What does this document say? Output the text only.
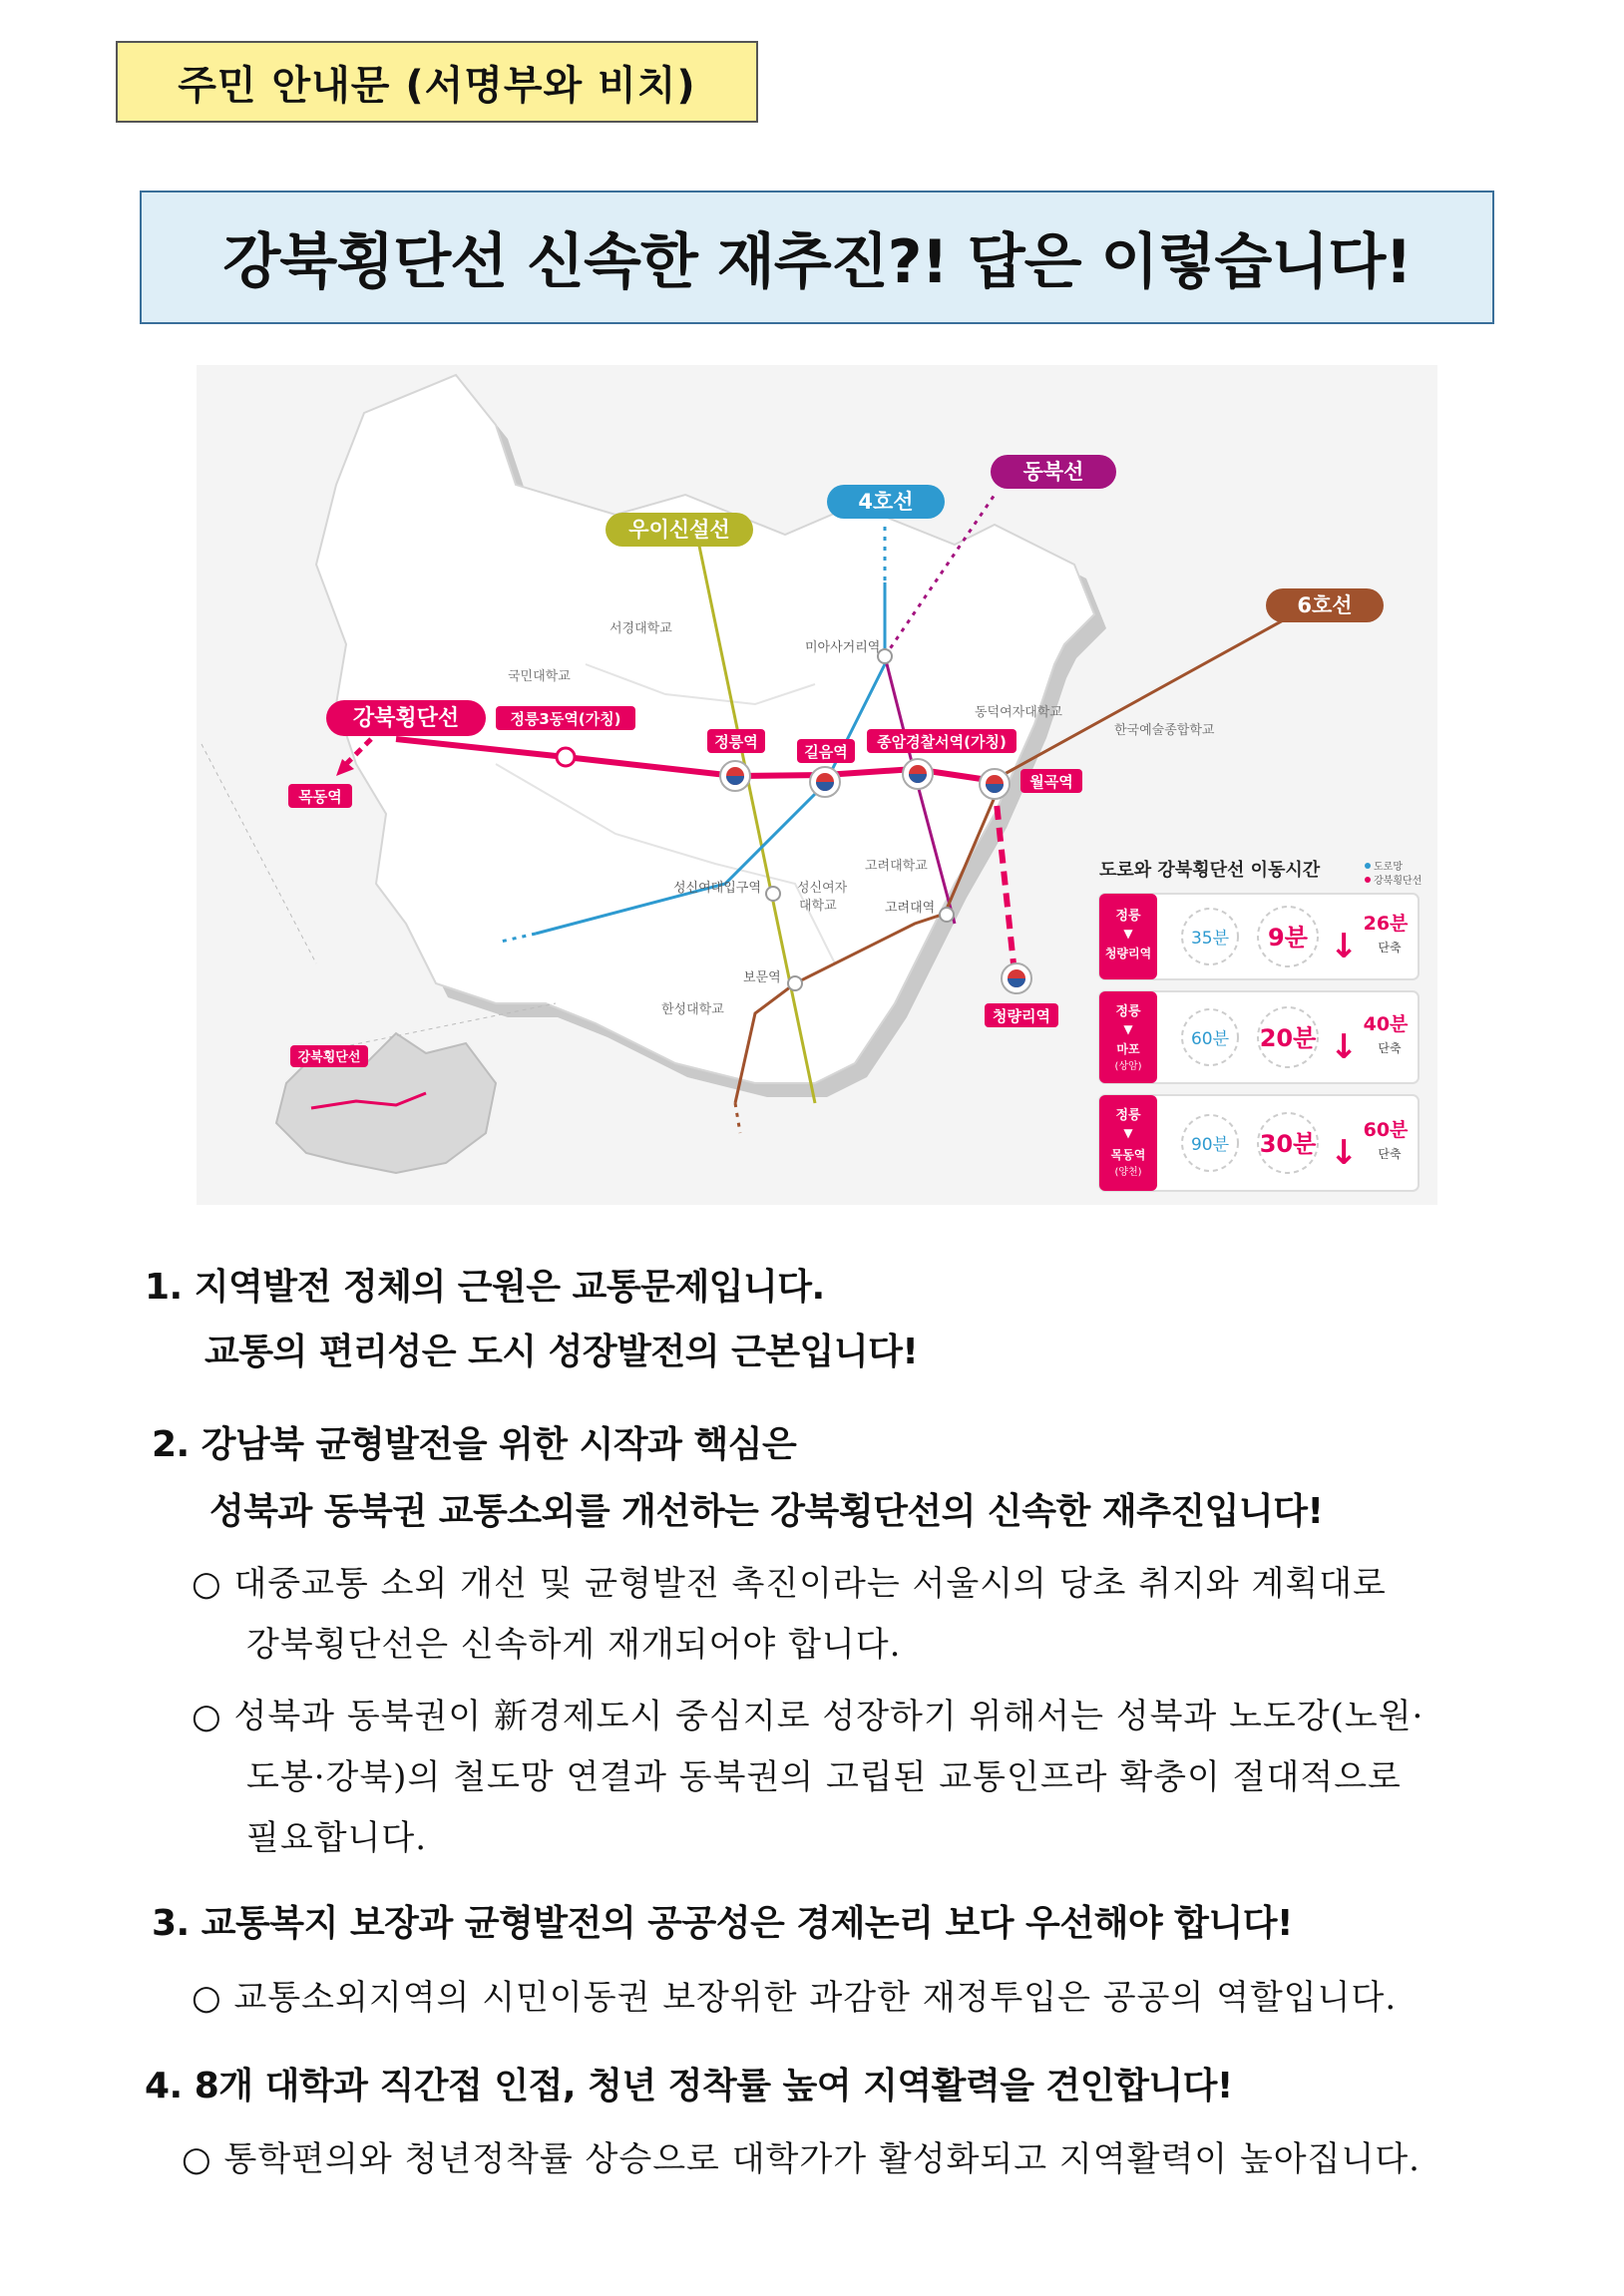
주민 안내문 (서명부와 비치)
강북횡단선 신속한 재추진?! 답은 이렇습니다!
우이신설선
4호선
동북선
6호선
강북횡단선	정릉3동역(가칭)
정릉역
길음역
종암경찰서역(가칭)
월곡역
목동역
청량리역
미아사거리역
성신여대입구역
보문역
고려대역
서경대학교
국민대학교
동덕여자대학교
한국예술종합학교
고려대학교
성신여자
대학교
한성대학교
강북횡단선
도로와 강북횡단선 이동시간	도로망
강북횡단선
정릉
▼
청량리역
35분 9분 ↓
26분
단축
정릉
▼
마포
(상암)
60분 20분 ↓
40분
단축
정릉
▼
목동역
(양천)
90분 30분 ↓
60분
단축
1. 지역발전 정체의 근원은 교통문제입니다.
교통의 편리성은 도시 성장발전의 근본입니다!
2. 강남북 균형발전을 위한 시작과 핵심은
성북과 동북권 교통소외를 개선하는 강북횡단선의 신속한 재추진입니다!
○ 대중교통 소외 개선 및 균형발전 촉진이라는 서울시의 당초 취지와 계획대로
강북횡단선은 신속하게 재개되어야 합니다.
○ 성북과 동북권이 新경제도시 중심지로 성장하기 위해서는 성북과 노도강(노원·
도봉·강북)의 철도망 연결과 동북권의 고립된 교통인프라 확충이 절대적으로
필요합니다.
3. 교통복지 보장과 균형발전의 공공성은 경제논리 보다 우선해야 합니다!
○ 교통소외지역의 시민이동권 보장위한 과감한 재정투입은 공공의 역할입니다.
4. 8개 대학과 직간접 인접, 청년 정착률 높여 지역활력을 견인합니다!
○ 통학편의와 청년정착률 상승으로 대학가가 활성화되고 지역활력이 높아집니다.
